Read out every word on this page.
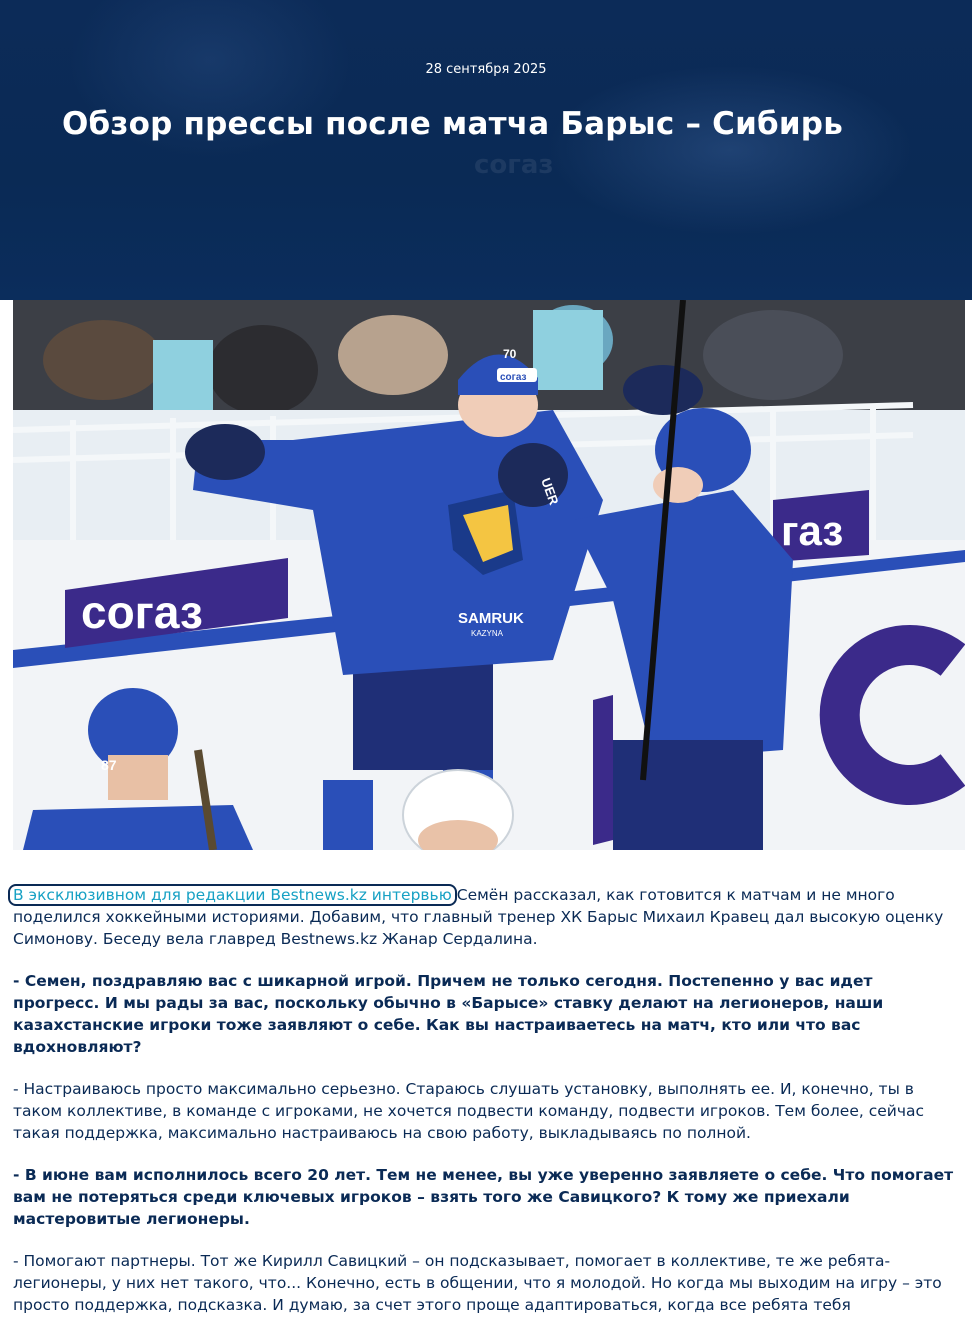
согаз
28 сентября 2025
Обзор прессы после матча Барыс – Сибирь
согаз
газ
70
согаз
SAMRUK
KAZYNA
UER
87

В эксклюзивном для редакции Bestnews.kz интервью Семён рассказал, как готовится к матчам и не много поделился хоккейными историями. Добавим, что главный тренер ХК Барыс Михаил Кравец дал высокую оценку Симонову. Беседу вела главред Bestnews.kz Жанар Сердалина.

- Семен, поздравляю вас с шикарной игрой. Причем не только сегодня. Постепенно у вас идет прогресс. И мы рады за вас, поскольку обычно в «Барысе» ставку делают на легионеров, наши казахстанские игроки тоже заявляют о себе. Как вы настраиваетесь на матч, кто или что вас вдохновляют?

- Настраиваюсь просто максимально серьезно. Стараюсь слушать установку, выполнять ее. И, конечно, ты в таком коллективе, в команде с игроками, не хочется подвести команду, подвести игроков. Тем более, сейчас такая поддержка, максимально настраиваюсь на свою работу, выкладываясь по полной.

- В июне вам исполнилось всего 20 лет. Тем не менее, вы уже уверенно заявляете о себе. Что помогает вам не потеряться среди ключевых игроков – взять того же Савицкого? К тому же приехали мастеровитые легионеры.

- Помогают партнеры. Тот же Кирилл Савицкий – он подсказывает, помогает в коллективе, те же ребята-легионеры, у них нет такого, что... Конечно, есть в общении, что я молодой. Но когда мы выходим на игру – это просто поддержка, подсказка. И думаю, за счет этого проще адаптироваться, когда все ребята тебя
